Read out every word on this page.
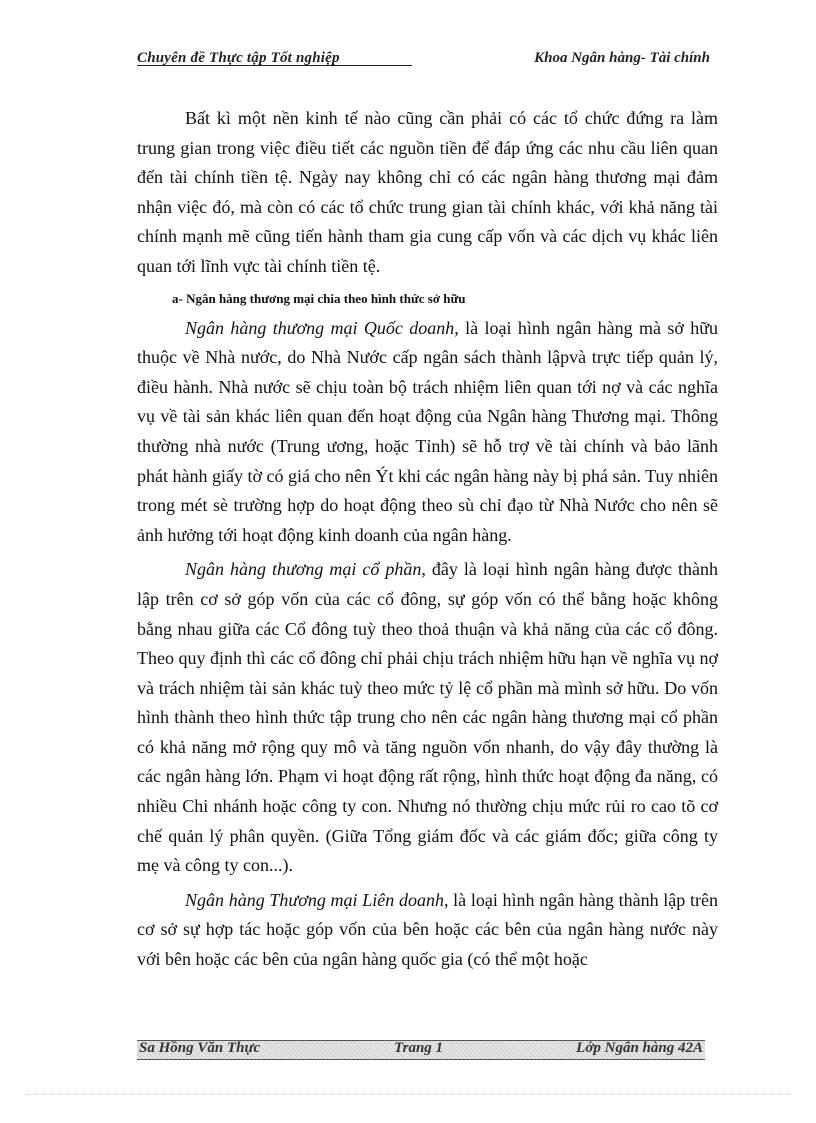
Chuyên đề Thực tập Tốt nghiệp	Khoa Ngân hàng- Tài chính

Bất kì một nền kinh tế nào cũng cần phải có các tổ chức đứng ra làm trung gian trong việc điều tiết các nguồn tiền để đáp ứng các nhu cầu liên quan đến tài chính tiền tệ. Ngày nay không chỉ có các ngân hàng thương mại đảm nhận việc đó, mà còn có các tổ chức trung gian tài chính khác, với khả năng tài chính mạnh mẽ cũng tiến hành tham gia cung cấp vốn và các dịch vụ khác liên quan tới lĩnh vực tài chính tiền tệ.

a- Ngân hàng thương mại chia theo hình thức sở hữu

Ngân hàng thương mại Quốc doanh, là loại hình ngân hàng mà sở hữu thuộc về Nhà nước, do Nhà Nước cấp ngân sách thành lậpvà trực tiếp quản lý, điều hành. Nhà nước sẽ chịu toàn bộ trách nhiệm liên quan tới nợ và các nghĩa vụ về tài sản khác liên quan đến hoạt động của Ngân hàng Thương mại. Thông thường nhà nước (Trung ương, hoặc Tỉnh) sẽ hỗ trợ về tài chính và bảo lãnh phát hành giấy tờ có giá cho nên Ýt khi các ngân hàng này bị phá sản. Tuy nhiên trong mét sè trường hợp do hoạt động theo sù chỉ đạo từ Nhà Nước cho nên sẽ ảnh hưởng tới hoạt động kinh doanh của ngân hàng.

Ngân hàng thương mại cổ phần, đây là loại hình ngân hàng được thành lập trên cơ sở góp vốn của các cổ đông, sự góp vốn có thể bằng hoặc không bằng nhau giữa các Cổ đông tuỳ theo thoả thuận và khả năng của các cổ đông. Theo quy định thì các cổ đông chỉ phải chịu trách nhiệm hữu hạn về nghĩa vụ nợ và trách nhiệm tài sản khác tuỳ theo mức tỷ lệ cổ phần mà mình sở hữu. Do vốn hình thành theo hình thức tập trung cho nên các ngân hàng thương mại cổ phần có khả năng mở rộng quy mô và tăng nguồn vốn nhanh, do vậy đây thường là các ngân hàng lớn. Phạm vi hoạt động rất rộng, hình thức hoạt động đa năng, có nhiều Chi nhánh hoặc công ty con. Nhưng nó thường chịu mức rủi ro cao tõ cơ chế quản lý phân quyền. (Giữa Tổng giám đốc và các giám đốc; giữa công ty mẹ và công ty con...).

Ngân hàng Thương mại Liên doanh, là loại hình ngân hàng thành lập trên cơ sở sự hợp tác hoặc góp vốn của bên hoặc các bên của ngân hàng nước này với bên hoặc các bên của ngân hàng quốc gia (có thể một hoặc

Sa Hồng Văn Thực	Trang 1	Lớp Ngân hàng 42A
